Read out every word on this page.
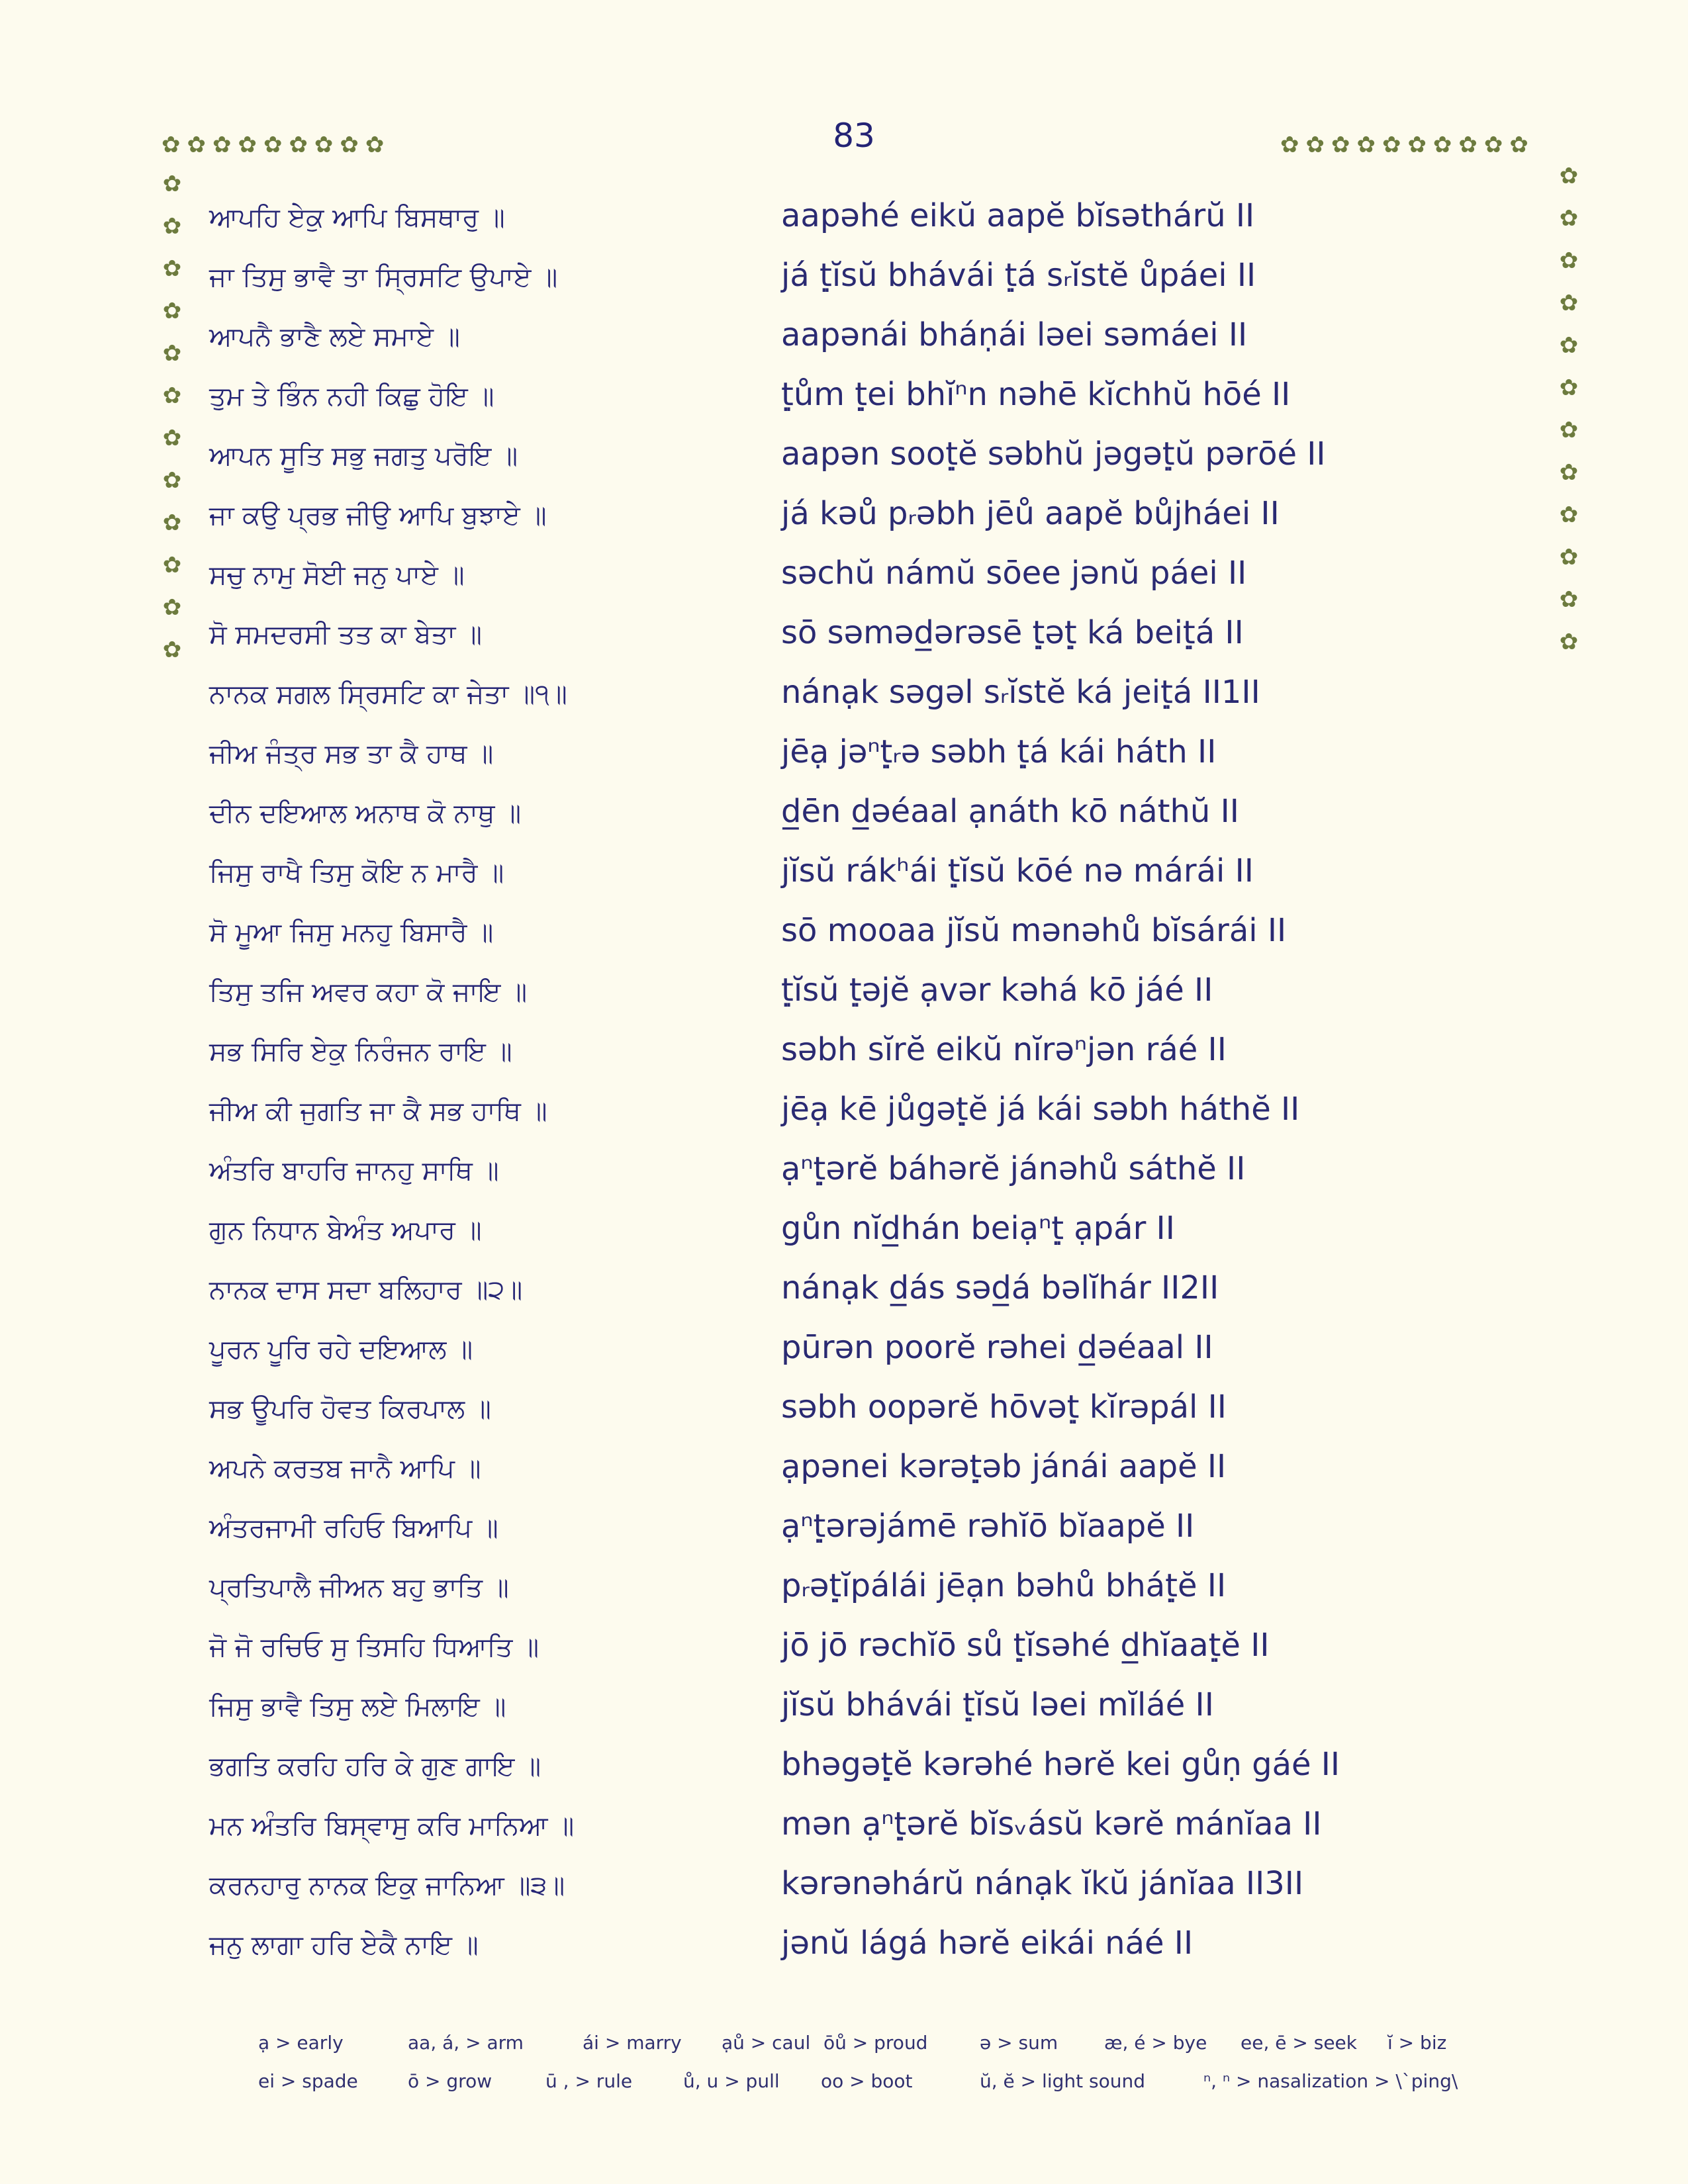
83
✿✿✿✿✿✿✿✿✿	✿✿✿✿✿✿✿✿✿✿
✿
✿
✿
✿
✿
✿
✿
✿
✿
✿
✿
✿
✿
✿
✿
✿
✿
✿
✿
✿
✿
✿
✿
✿
ਆਪਹਿ ਏਕੁ ਆਪਿ ਬਿਸਥਾਰੁ ॥	aapəhé eikŭ aapĕ bĭsəthárŭ II
ਜਾ ਤਿਸੁ ਭਾਵੈ ਤਾ ਸ੍ਰਿਸਟਿ ਉਪਾਏ ॥	já ṭ̣ĭsŭ bhávái ṭ̣á sᵣĭstĕ ůpáei II
ਆਪਨੈ ਭਾਣੈ ਲਏ ਸਮਾਏ ॥	aapənái bháṇái ləei səmáei II
ਤੁਮ ਤੇ ਭਿੰਨ ਨਹੀ ਕਿਛੁ ਹੋਇ ॥	ṭ̣ům ṭ̣ei bhĭⁿn nəhē kĭchhŭ hōé II
ਆਪਨ ਸੂਤਿ ਸਭੁ ਜਗਤੁ ਪਰੋਇ ॥	aapən sooṭ̣ĕ səbhŭ jəgəṭ̣ŭ pərōé II
ਜਾ ਕਉ ਪ੍ਰਭ ਜੀਉ ਆਪਿ ਬੁਝਾਏ ॥	já kəů pᵣəbh jēů aapĕ bůjháei II
ਸਚੁ ਨਾਮੁ ਸੋਈ ਜਨੁ ਪਾਏ ॥	səchŭ námŭ sōee jənŭ páei II
ਸੋ ਸਮਦਰਸੀ ਤਤ ਕਾ ਬੇਤਾ ॥	sō səməd̲ərəsē ṭ̣əṭ̣ ká beiṭ̣á II
ਨਾਨਕ ਸਗਲ ਸ੍ਰਿਸਟਿ ਕਾ ਜੇਤਾ ॥੧॥	nánạk səgəl sᵣĭstĕ ká jeiṭ̣á II1II
ਜੀਅ ਜੰਤ੍ਰ ਸਭ ਤਾ ਕੈ ਹਾਥ ॥	jēạ jəⁿṭ̣ᵣə səbh ṭ̣á kái háth II
ਦੀਨ ਦਇਆਲ ਅਨਾਥ ਕੋ ਨਾਥੁ ॥	d̲ēn d̲əéaal ạnáth kō náthŭ II
ਜਿਸੁ ਰਾਖੈ ਤਿਸੁ ਕੋਇ ਨ ਮਾਰੈ ॥	jĭsŭ rákʰái ṭ̣ĭsŭ kōé nə márái II
ਸੋ ਮੂਆ ਜਿਸੁ ਮਨਹੁ ਬਿਸਾਰੈ ॥	sō mooaa jĭsŭ mənəhů bĭsárái II
ਤਿਸੁ ਤਜਿ ਅਵਰ ਕਹਾ ਕੋ ਜਾਇ ॥	ṭ̣ĭsŭ ṭ̣əjĕ ạvər kəhá kō jáé II
ਸਭ ਸਿਰਿ ਏਕੁ ਨਿਰੰਜਨ ਰਾਇ ॥	səbh sĭrĕ eikŭ nĭrəⁿjən ráé II
ਜੀਅ ਕੀ ਜੁਗਤਿ ਜਾ ਕੈ ਸਭ ਹਾਥਿ ॥	jēạ kē jůgəṭ̣ĕ já kái səbh háthĕ II
ਅੰਤਰਿ ਬਾਹਰਿ ਜਾਨਹੁ ਸਾਥਿ ॥	ạⁿṭ̣ərĕ báhərĕ jánəhů sáthĕ II
ਗੁਨ ਨਿਧਾਨ ਬੇਅੰਤ ਅਪਾਰ ॥	gůn nĭd̲hán beiạⁿṭ̣ ạpár II
ਨਾਨਕ ਦਾਸ ਸਦਾ ਬਲਿਹਾਰ ॥੨॥	nánạk d̲ás səd̲á bəlĭhár II2II
ਪੂਰਨ ਪੂਰਿ ਰਹੇ ਦਇਆਲ ॥	pūrən poorĕ rəhei d̲əéaal II
ਸਭ ਊਪਰਿ ਹੋਵਤ ਕਿਰਪਾਲ ॥	səbh oopərĕ hōvəṭ̣ kĭrəpál II
ਅਪਨੇ ਕਰਤਬ ਜਾਨੈ ਆਪਿ ॥	ạpənei kərəṭ̣əb jánái aapĕ II
ਅੰਤਰਜਾਮੀ ਰਹਿਓ ਬਿਆਪਿ ॥	ạⁿṭ̣ərəjámē rəhĭō bĭaapĕ II
ਪ੍ਰਤਿਪਾਲੈ ਜੀਅਨ ਬਹੁ ਭਾਤਿ ॥	pᵣəṭ̣ĭpálái jēạn bəhů bháṭ̣ĕ II
ਜੋ ਜੋ ਰਚਿਓ ਸੁ ਤਿਸਹਿ ਧਿਆਤਿ ॥	jō jō rəchĭō sů ṭ̣ĭsəhé d̲hĭaaṭ̣ĕ II
ਜਿਸੁ ਭਾਵੈ ਤਿਸੁ ਲਏ ਮਿਲਾਇ ॥	jĭsŭ bhávái ṭ̣ĭsŭ ləei mĭláé II
ਭਗਤਿ ਕਰਹਿ ਹਰਿ ਕੇ ਗੁਣ ਗਾਇ ॥	bhəgəṭ̣ĕ kərəhé hərĕ kei gůṇ gáé II
ਮਨ ਅੰਤਰਿ ਬਿਸ੍ਵਾਸੁ ਕਰਿ ਮਾਨਿਆ ॥	mən ạⁿṭ̣ərĕ bĭsᵥásŭ kərĕ mánĭaa II
ਕਰਨਹਾਰੁ ਨਾਨਕ ਇਕੁ ਜਾਨਿਆ ॥੩॥	kərənəhárŭ nánạk ĭkŭ jánĭaa II3II
ਜਨੁ ਲਾਗਾ ਹਰਿ ਏਕੈ ਨਾਇ ॥	jənŭ lágá hərĕ eikái náé II
ạ > early	aa, á, > arm	ái > marry ạů > caul ōů > proud	ə > sum æ, é > bye ee, ē > seek ĭ > biz
ei > spade	ō > grow	ū , > rule	ů, u > pull oo > boot	ŭ, ĕ > light sound	ⁿ, ⁿ > nasalization > \`ping\
